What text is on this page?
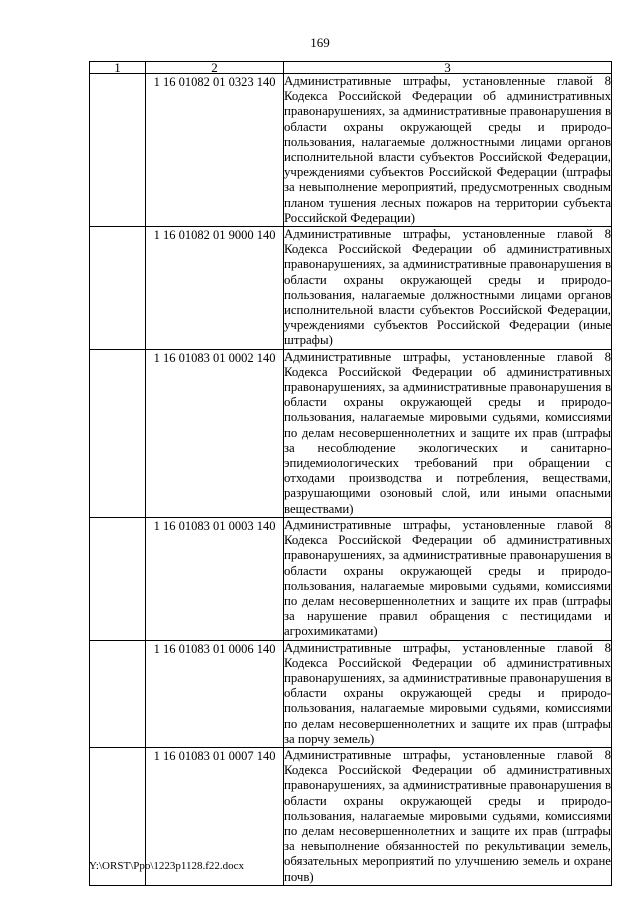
169
1	2	3
	1 16 01082 01 0323 140	Административные штрафы, установленные главой 8 Кодекса Российской Федерации об административных правонарушениях, за административные правонарушения в области охраны окружающей среды и природо-пользования, налагаемые должностными лицами органов исполнительной власти субъектов Российской Федерации, учреждениями субъектов Российской Федерации (штрафы за невыполнение мероприятий, предусмотренных сводным планом тушения лесных пожаров на территории субъекта Российской Федерации)
	1 16 01082 01 9000 140	Административные штрафы, установленные главой 8 Кодекса Российской Федерации об административных правонарушениях, за административные правонарушения в области охраны окружающей среды и природо-пользования, налагаемые должностными лицами органов исполнительной власти субъектов Российской Федерации, учреждениями субъектов Российской Федерации (иные штрафы)
	1 16 01083 01 0002 140	Административные штрафы, установленные главой 8 Кодекса Российской Федерации об административных правонарушениях, за административные правонарушения в области охраны окружающей среды и природо-пользования, налагаемые мировыми судьями, комиссиями по делам несовершеннолетних и защите их прав (штрафы за несоблюдение экологических и санитарно-эпидемиологических требований при обращении с отходами производства и потребления, веществами, разрушающими озоновый слой, или иными опасными веществами)
	1 16 01083 01 0003 140	Административные штрафы, установленные главой 8 Кодекса Российской Федерации об административных правонарушениях, за административные правонарушения в области охраны окружающей среды и природо-пользования, налагаемые мировыми судьями, комиссиями по делам несовершеннолетних и защите их прав (штрафы за нарушение правил обращения с пестицидами и агрохимикатами)
	1 16 01083 01 0006 140	Административные штрафы, установленные главой 8 Кодекса Российской Федерации об административных правонарушениях, за административные правонарушения в области охраны окружающей среды и природо-пользования, налагаемые мировыми судьями, комиссиями по делам несовершеннолетних и защите их прав (штрафы за порчу земель)
	1 16 01083 01 0007 140	Административные штрафы, установленные главой 8 Кодекса Российской Федерации об административных правонарушениях, за административные правонарушения в области охраны окружающей среды и природо-пользования, налагаемые мировыми судьями, комиссиями по делам несовершеннолетних и защите их прав (штрафы за невыполнение обязанностей по рекультивации земель, обязательных мероприятий по улучшению земель и охране почв)
Y:\ORST\Ppo\1223p1128.f22.docx
